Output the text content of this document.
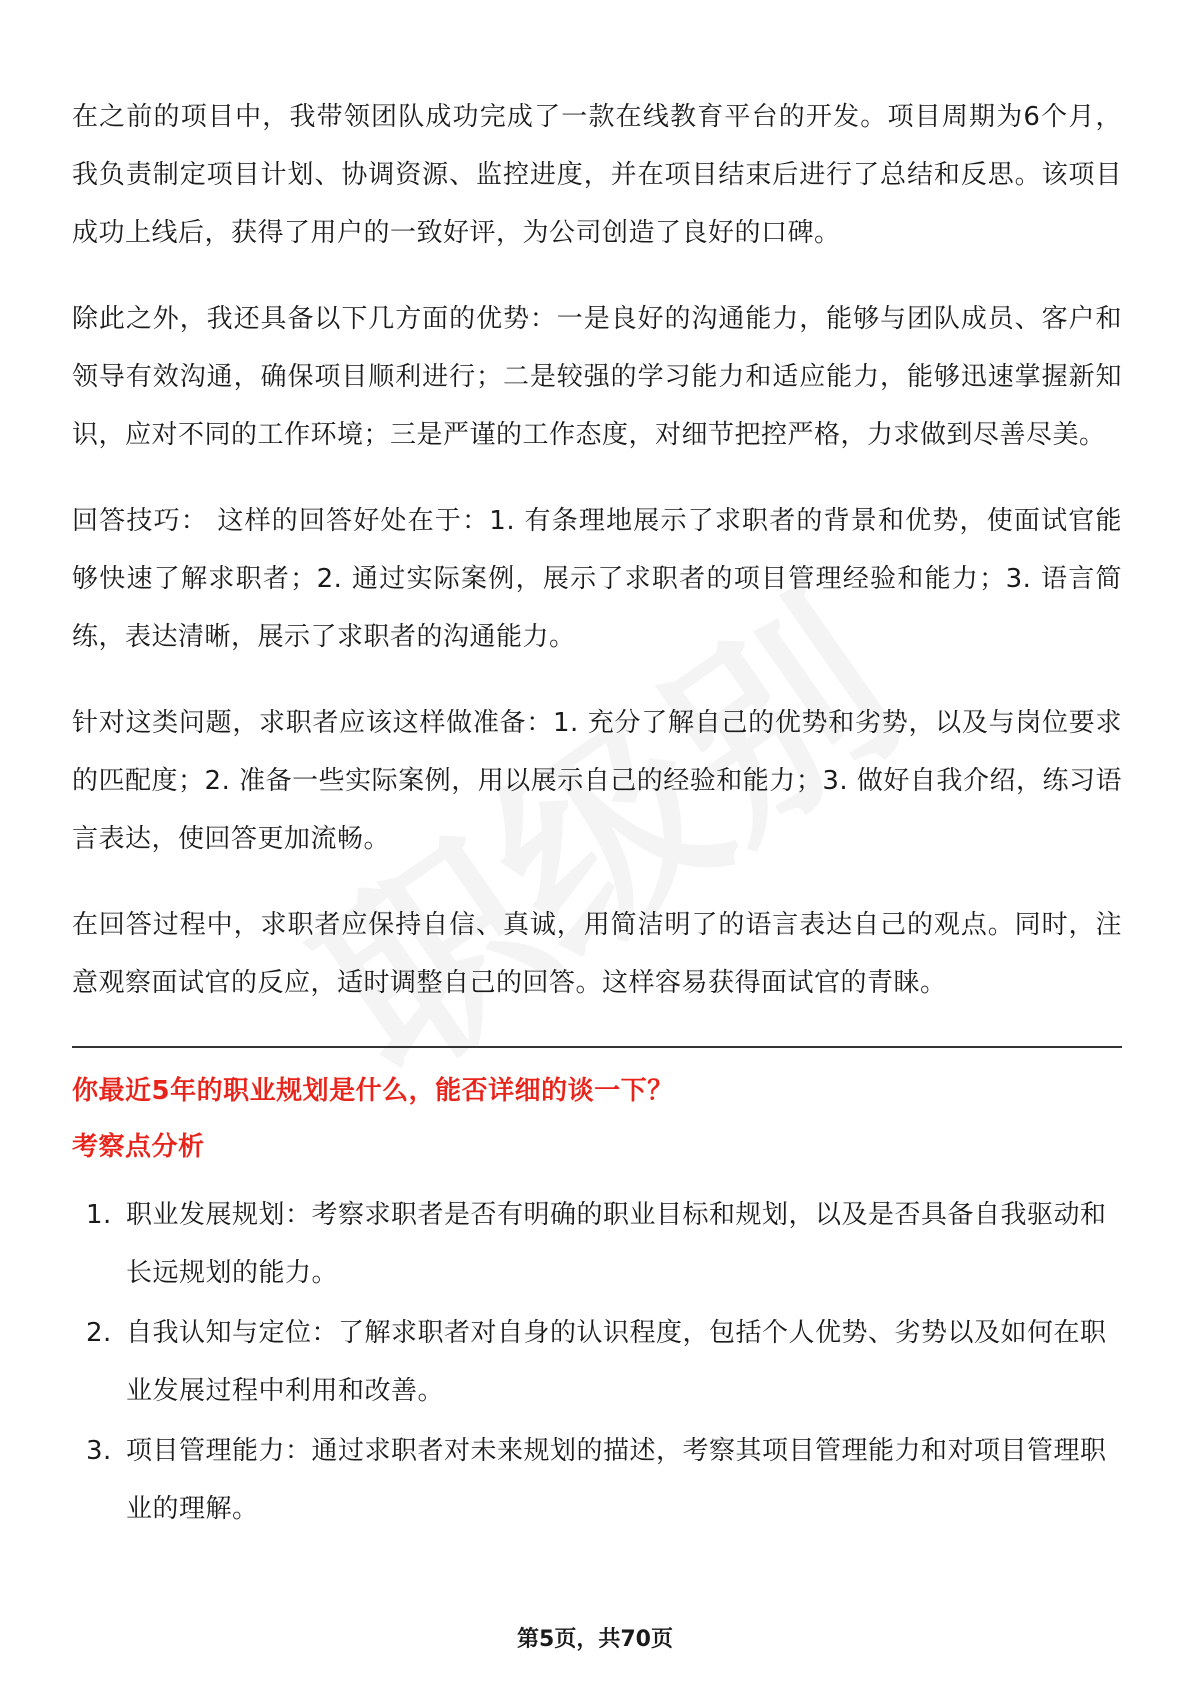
在之前的项目中，我带领团队成功完成了一款在线教育平台的开发。项目周期为6个月，我负责制定项目计划、协调资源、监控进度，并在项目结束后进行了总结和反思。该项目成功上线后，获得了用户的一致好评，为公司创造了良好的口碑。

除此之外，我还具备以下几方面的优势：一是良好的沟通能力，能够与团队成员、客户和领导有效沟通，确保项目顺利进行；二是较强的学习能力和适应能力，能够迅速掌握新知识，应对不同的工作环境；三是严谨的工作态度，对细节把控严格，力求做到尽善尽美。

回答技巧： 这样的回答好处在于：1. 有条理地展示了求职者的背景和优势，使面试官能够快速了解求职者；2. 通过实际案例，展示了求职者的项目管理经验和能力；3. 语言简练，表达清晰，展示了求职者的沟通能力。

针对这类问题，求职者应该这样做准备：1. 充分了解自己的优势和劣势，以及与岗位要求的匹配度；2. 准备一些实际案例，用以展示自己的经验和能力；3. 做好自我介绍，练习语言表达，使回答更加流畅。

在回答过程中，求职者应保持自信、真诚，用简洁明了的语言表达自己的观点。同时，注意观察面试官的反应，适时调整自己的回答。这样容易获得面试官的青睐。

你最近5年的职业规划是什么，能否详细的谈一下？

考察点分析

1. 职业发展规划：考察求职者是否有明确的职业目标和规划，以及是否具备自我驱动和长远规划的能力。
2. 自我认知与定位：了解求职者对自身的认识程度，包括个人优势、劣势以及如何在职业发展过程中利用和改善。
3. 项目管理能力：通过求职者对未来规划的描述，考察其项目管理能力和对项目管理职业的理解。
第5页，共70页
